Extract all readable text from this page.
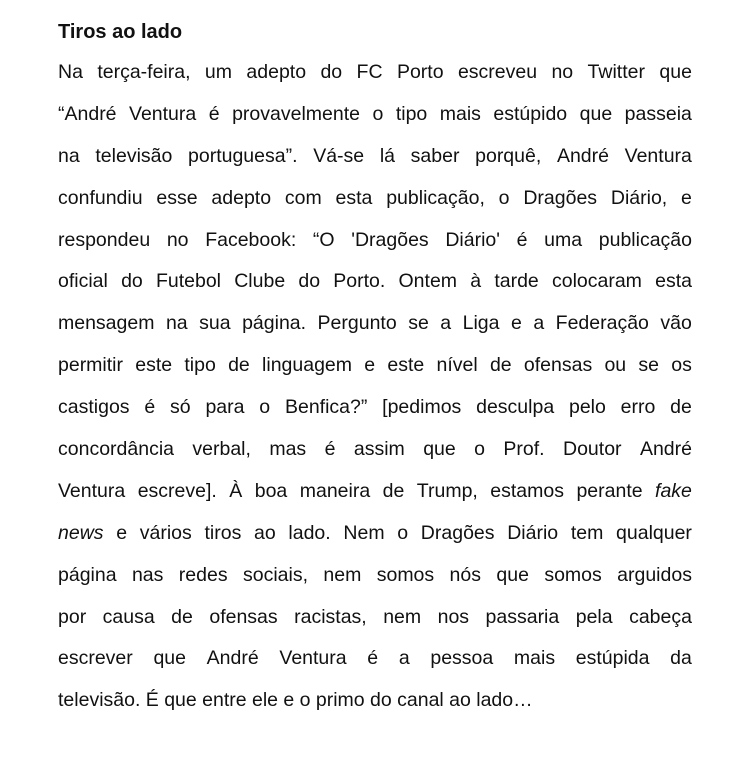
Tiros ao lado
Na terça-feira, um adepto do FC Porto escreveu no Twitter que
“André Ventura é provavelmente o tipo mais estúpido que passeia
na televisão portuguesa”. Vá-se lá saber porquê, André Ventura
confundiu esse adepto com esta publicação, o Dragões Diário, e
respondeu no Facebook: “O 'Dragões Diário' é uma publicação
oficial do Futebol Clube do Porto. Ontem à tarde colocaram esta
mensagem na sua página. Pergunto se a Liga e a Federação vão
permitir este tipo de linguagem e este nível de ofensas ou se os
castigos é só para o Benfica?” [pedimos desculpa pelo erro de
concordância verbal, mas é assim que o Prof. Doutor André
Ventura escreve]. À boa maneira de Trump, estamos perante fake
news e vários tiros ao lado. Nem o Dragões Diário tem qualquer
página nas redes sociais, nem somos nós que somos arguidos
por causa de ofensas racistas, nem nos passaria pela cabeça
escrever que André Ventura é a pessoa mais estúpida da
televisão. É que entre ele e o primo do canal ao lado…
